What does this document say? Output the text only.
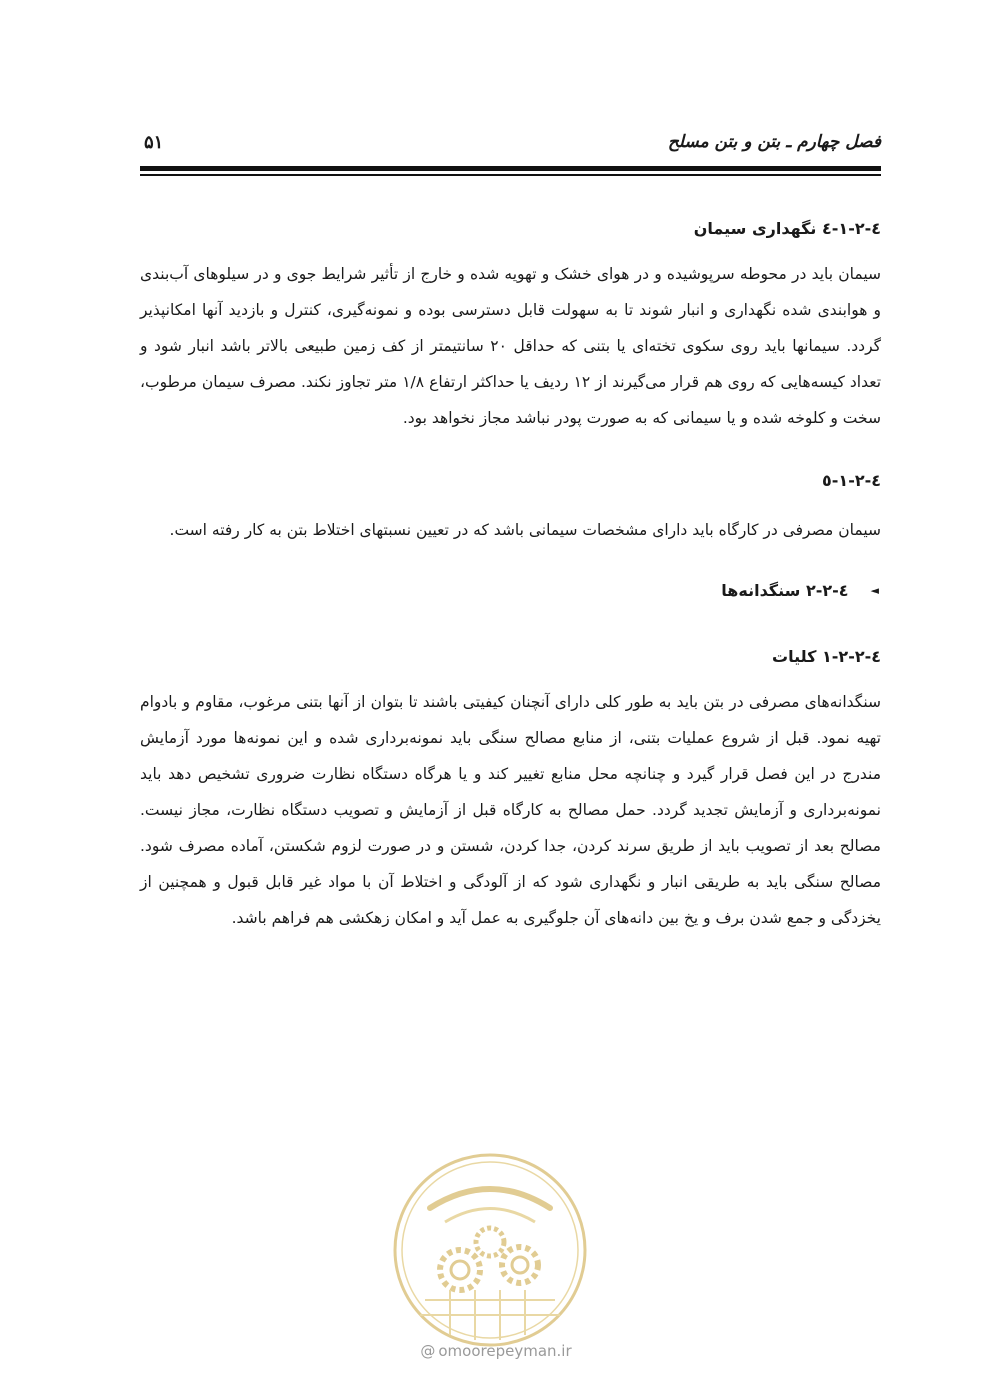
فصل چهارم ـ بتن و بتن مسلح
۵۱
٤-٢-١-٤ نگهداری سیمان

سیمان باید در محوطه سرپوشیده و در هوای خشک و تهویه شده و خارج از تأثیر شرایط جوی و در سیلوهای آب‌بندی و هوابندی شده نگهداری و انبار شوند تا به سهولت قابل دسترسی بوده و نمونه‌گیری، کنترل و بازدید آنها امکانپذیر گردد. سیمانها باید روی سکوی تخته‌ای یا بتنی که حداقل ۲۰ سانتیمتر از کف زمین طبیعی بالاتر باشد انبار شود و تعداد کیسه‌هایی که روی هم قرار می‌گیرند از ۱۲ ردیف یا حداکثر ارتفاع ۱/۸ متر تجاوز نکند. مصرف سیمان مرطوب، سخت و کلوخه شده و یا سیمانی که به صورت پودر نباشد مجاز نخواهد بود.

٤-٢-١-٥

سیمان مصرفی در کارگاه باید دارای مشخصات سیمانی باشد که در تعیین نسبتهای اختلاط بتن به کار رفته است.

◄
٤-٢-٢ سنگدانه‌ها
٤-٢-٢-١ کلیات

سنگدانه‌های مصرفی در بتن باید به طور کلی دارای آنچنان کیفیتی باشند تا بتوان از آنها بتنی مرغوب، مقاوم و بادوام تهیه نمود. قبل از شروع عملیات بتنی، از منابع مصالح سنگی باید نمونه‌برداری شده و این نمونه‌ها مورد آزمایش مندرج در این فصل قرار گیرد و چنانچه محل منابع تغییر کند و یا هرگاه دستگاه نظارت ضروری تشخیص دهد باید نمونه‌برداری و آزمایش تجدید گردد. حمل مصالح به کارگاه قبل از آزمایش و تصویب دستگاه نظارت، مجاز نیست. مصالح بعد از تصویب باید از طریق سرند کردن، جدا کردن، شستن و در صورت لزوم شکستن، آماده مصرف شود. مصالح سنگی باید به طریقی انبار و نگهداری شود که از آلودگی و اختلاط آن با مواد غیر قابل قبول و همچنین از یخزدگی و جمع شدن برف و یخ بین دانه‌های آن جلوگیری به عمل آید و امکان زهکشی هم فراهم باشد.

@ omoorepeyman.ir
